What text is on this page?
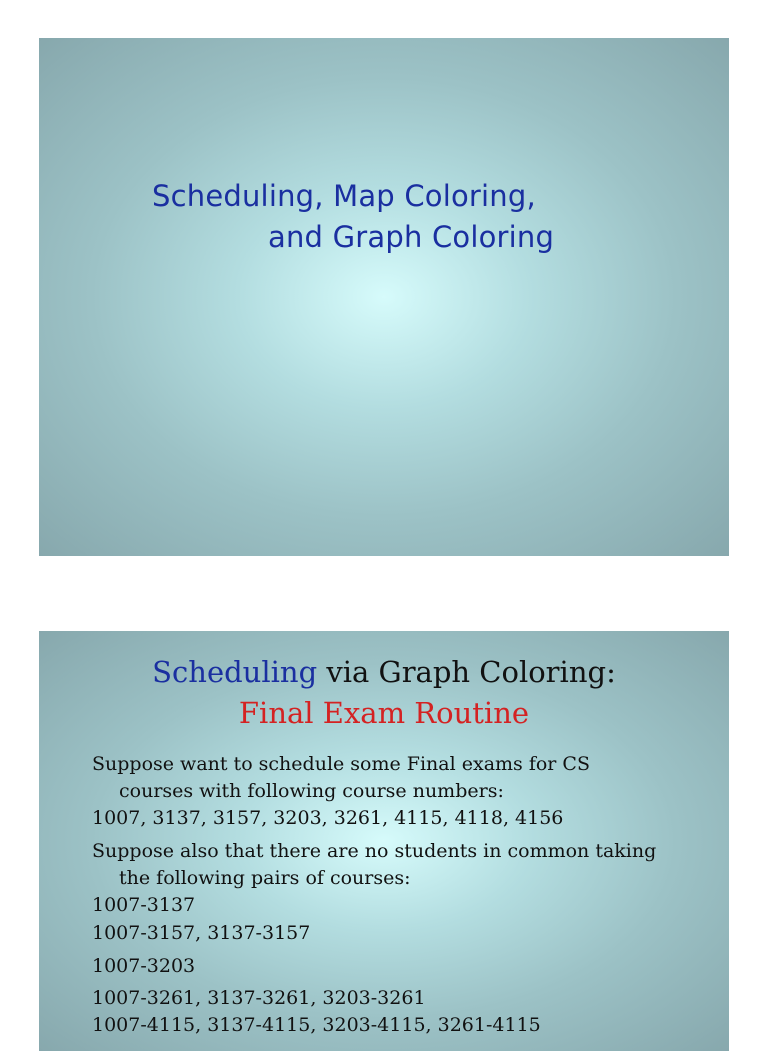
Scheduling, Map Coloring,
and Graph Coloring
Scheduling via Graph Coloring:
Final Exam Routine
Suppose want to schedule some Final exams for CS
courses with following course numbers:
1007, 3137, 3157, 3203, 3261, 4115, 4118, 4156
Suppose also that there are no students in common taking
the following pairs of courses:
1007-3137
1007-3157, 3137-3157
1007-3203
1007-3261, 3137-3261, 3203-3261
1007-4115, 3137-4115, 3203-4115, 3261-4115
